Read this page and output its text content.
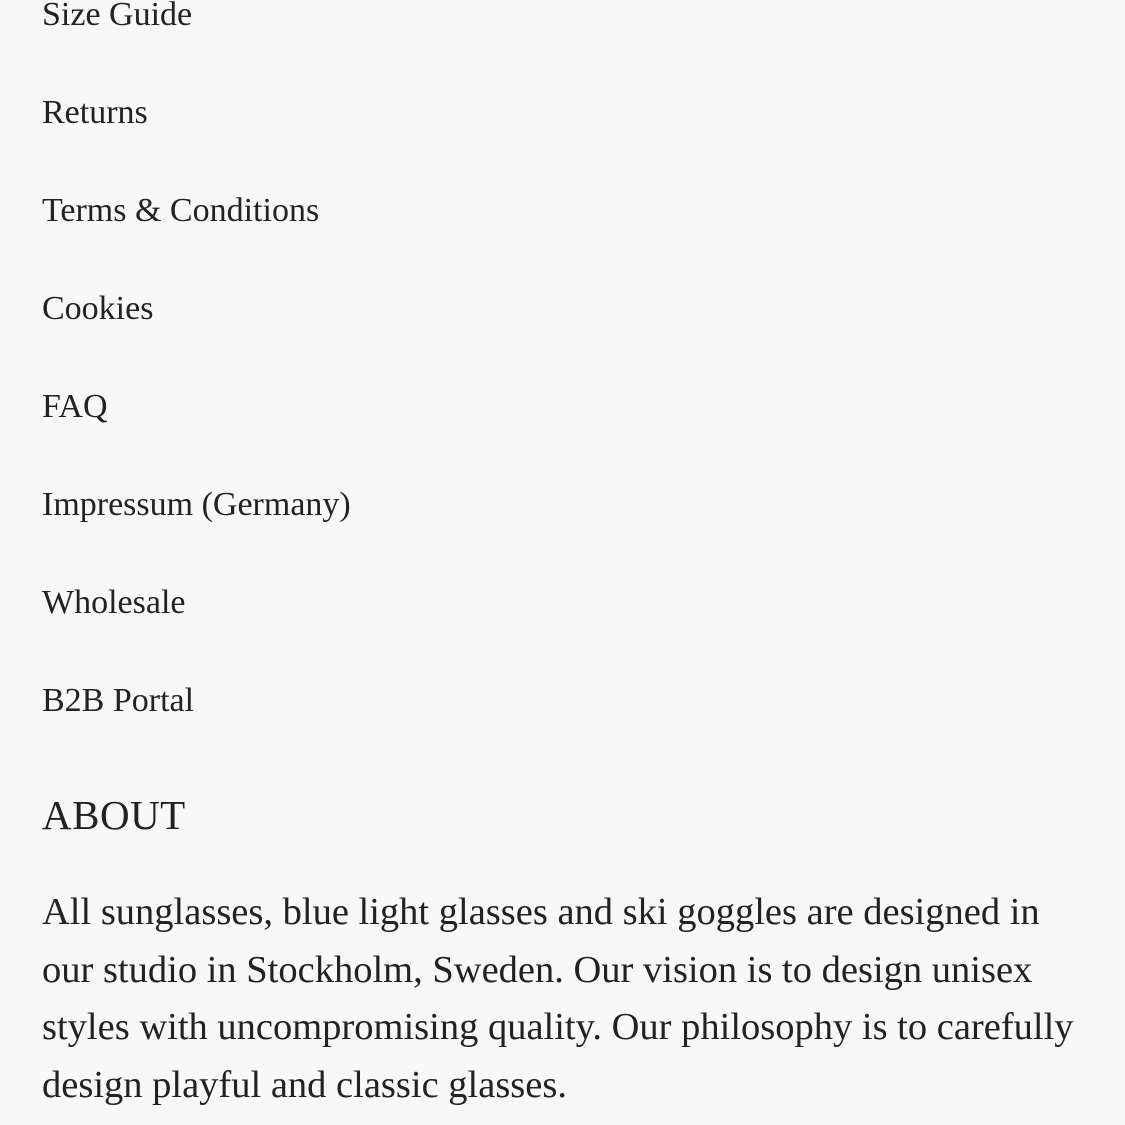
Size Guide
Returns
Terms & Conditions
Cookies
FAQ
Impressum (Germany)
Wholesale
B2B Portal
ABOUT

All sunglasses, blue light glasses and ski goggles are designed in our studio in Stockholm, Sweden. Our vision is to design unisex styles with uncompromising quality. Our philosophy is to carefully design playful and classic glasses.
